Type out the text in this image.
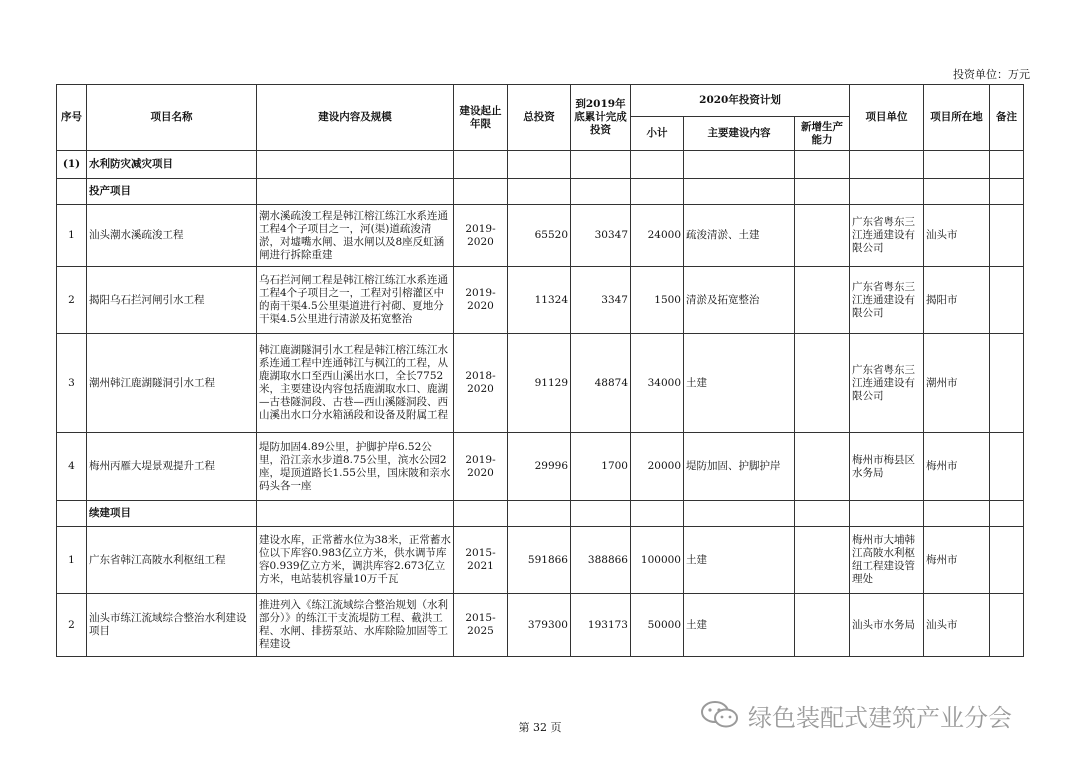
投资单位：万元
序号	项目名称	建设内容及规模	建设起止年限	总投资	到2019年底累计完成投资	2020年投资计划			项目单位	项目所在地	备注
						小计	主要建设内容	新增生产能力			
(1)	水利防灾减灾项目										
	投产项目										
1	汕头潮水溪疏浚工程	潮水溪疏浚工程是韩江榕江练江水系连通工程4个子项目之一，河(渠)道疏浚清淤，对墟嘴水闸、退水闸以及8座反虹涵闸进行拆除重建	2019-2020	65520	30347	24000	疏浚清淤、土建		广东省粤东三江连通建设有限公司	汕头市	
2	揭阳乌石拦河闸引水工程	乌石拦河闸工程是韩江榕江练江水系连通工程4个子项目之一，工程对引榕灌区中的南干渠4.5公里渠道进行衬砌、夏地分干渠4.5公里进行清淤及拓宽整治	2019-2020	11324	3347	1500	清淤及拓宽整治		广东省粤东三江连通建设有限公司	揭阳市	
3	潮州韩江鹿湖隧洞引水工程	韩江鹿湖隧洞引水工程是韩江榕江练江水系连通工程中连通韩江与枫江的工程，从鹿湖取水口至西山溪出水口，全长7752米，主要建设内容包括鹿湖取水口、鹿湖—古巷隧洞段、古巷—西山溪隧洞段、西山溪出水口分水箱涵段和设备及附属工程	2018-2020	91129	48874	34000	土建		广东省粤东三江连通建设有限公司	潮州市	
4	梅州丙雁大堤景观提升工程	堤防加固4.89公里，护脚护岸6.52公里，沿江亲水步道8.75公里，滨水公园2座，堤顶道路长1.55公里，国床陂和亲水码头各一座	2019-2020	29996	1700	20000	堤防加固、护脚护岸		梅州市梅县区水务局	梅州市	
	续建项目										
1	广东省韩江高陂水利枢纽工程	建设水库，正常蓄水位为38米，正常蓄水位以下库容0.983亿立方米，供水调节库容0.939亿立方米，调洪库容2.673亿立方米，电站装机容量10万千瓦	2015-2021	591866	388866	100000	土建		梅州市大埔韩江高陂水利枢纽工程建设管理处	梅州市	
2	汕头市练江流域综合整治水利建设项目	推进列入《练江流域综合整治规划（水利部分）》的练江干支流堤防工程、截洪工程、水闸、排捞泵站、水库除险加固等工程建设	2015-2025	379300	193173	50000	土建		汕头市水务局	汕头市	
第 32 页	绿色装配式建筑产业分会
